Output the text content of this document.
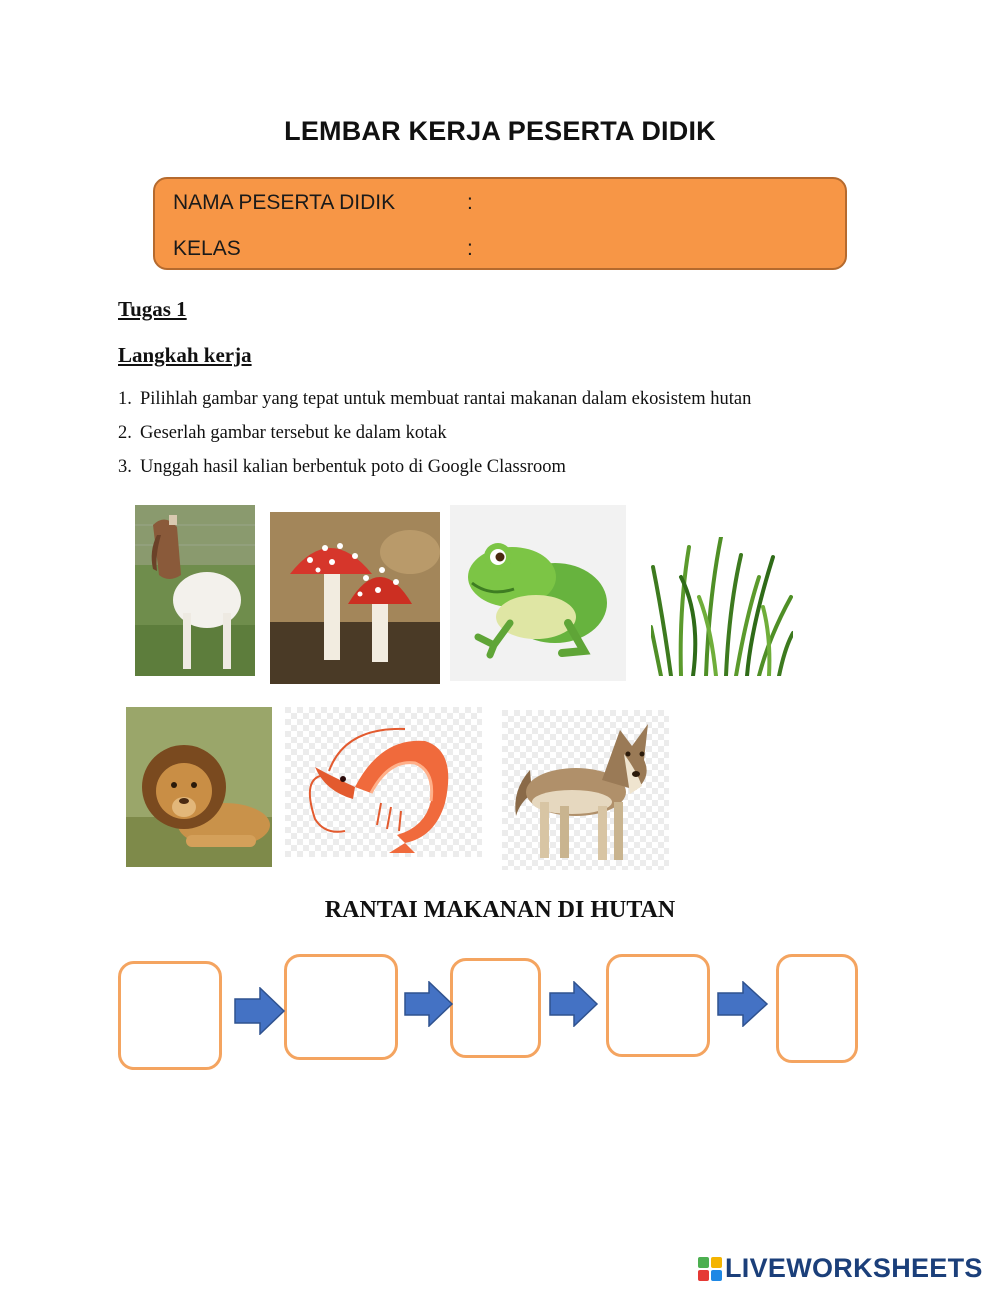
LEMBAR KERJA PESERTA DIDIK
NAMA PESERTA DIDIK	:
KELAS	:
Tugas 1
Langkah kerja
1. Pilihlah gambar yang tepat untuk membuat rantai makanan dalam ekosistem hutan
2. Geserlah gambar tersebut ke dalam kotak
3. Unggah hasil kalian berbentuk poto di Google Classroom
RANTAI MAKANAN DI HUTAN
LIVEWORKSHEETS
